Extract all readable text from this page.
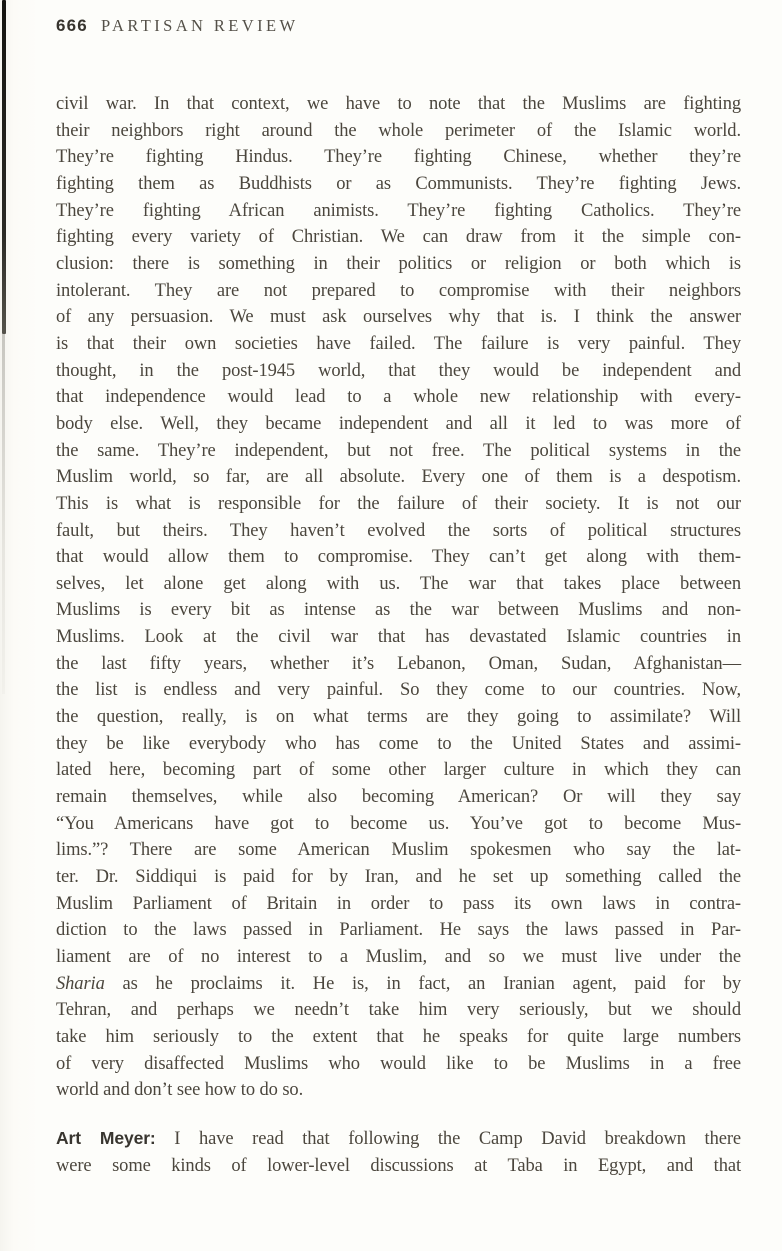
666 PARTISAN REVIEW
civil war. In that context, we have to note that the Muslims are fighting
their neighbors right around the whole perimeter of the Islamic world.
They’re fighting Hindus. They’re fighting Chinese, whether they’re
fighting them as Buddhists or as Communists. They’re fighting Jews.
They’re fighting African animists. They’re fighting Catholics. They’re
fighting every variety of Christian. We can draw from it the simple con-
clusion: there is something in their politics or religion or both which is
intolerant. They are not prepared to compromise with their neighbors
of any persuasion. We must ask ourselves why that is. I think the answer
is that their own societies have failed. The failure is very painful. They
thought, in the post-1945 world, that they would be independent and
that independence would lead to a whole new relationship with every-
body else. Well, they became independent and all it led to was more of
the same. They’re independent, but not free. The political systems in the
Muslim world, so far, are all absolute. Every one of them is a despotism.
This is what is responsible for the failure of their society. It is not our
fault, but theirs. They haven’t evolved the sorts of political structures
that would allow them to compromise. They can’t get along with them-
selves, let alone get along with us. The war that takes place between
Muslims is every bit as intense as the war between Muslims and non-
Muslims. Look at the civil war that has devastated Islamic countries in
the last fifty years, whether it’s Lebanon, Oman, Sudan, Afghanistan—
the list is endless and very painful. So they come to our countries. Now,
the question, really, is on what terms are they going to assimilate? Will
they be like everybody who has come to the United States and assimi-
lated here, becoming part of some other larger culture in which they can
remain themselves, while also becoming American? Or will they say
“You Americans have got to become us. You’ve got to become Mus-
lims.”? There are some American Muslim spokesmen who say the lat-
ter. Dr. Siddiqui is paid for by Iran, and he set up something called the
Muslim Parliament of Britain in order to pass its own laws in contra-
diction to the laws passed in Parliament. He says the laws passed in Par-
liament are of no interest to a Muslim, and so we must live under the
Sharia as he proclaims it. He is, in fact, an Iranian agent, paid for by
Tehran, and perhaps we needn’t take him very seriously, but we should
take him seriously to the extent that he speaks for quite large numbers
of very disaffected Muslims who would like to be Muslims in a free
world and don’t see how to do so.
Art Meyer: I have read that following the Camp David breakdown there
were some kinds of lower-level discussions at Taba in Egypt, and that
